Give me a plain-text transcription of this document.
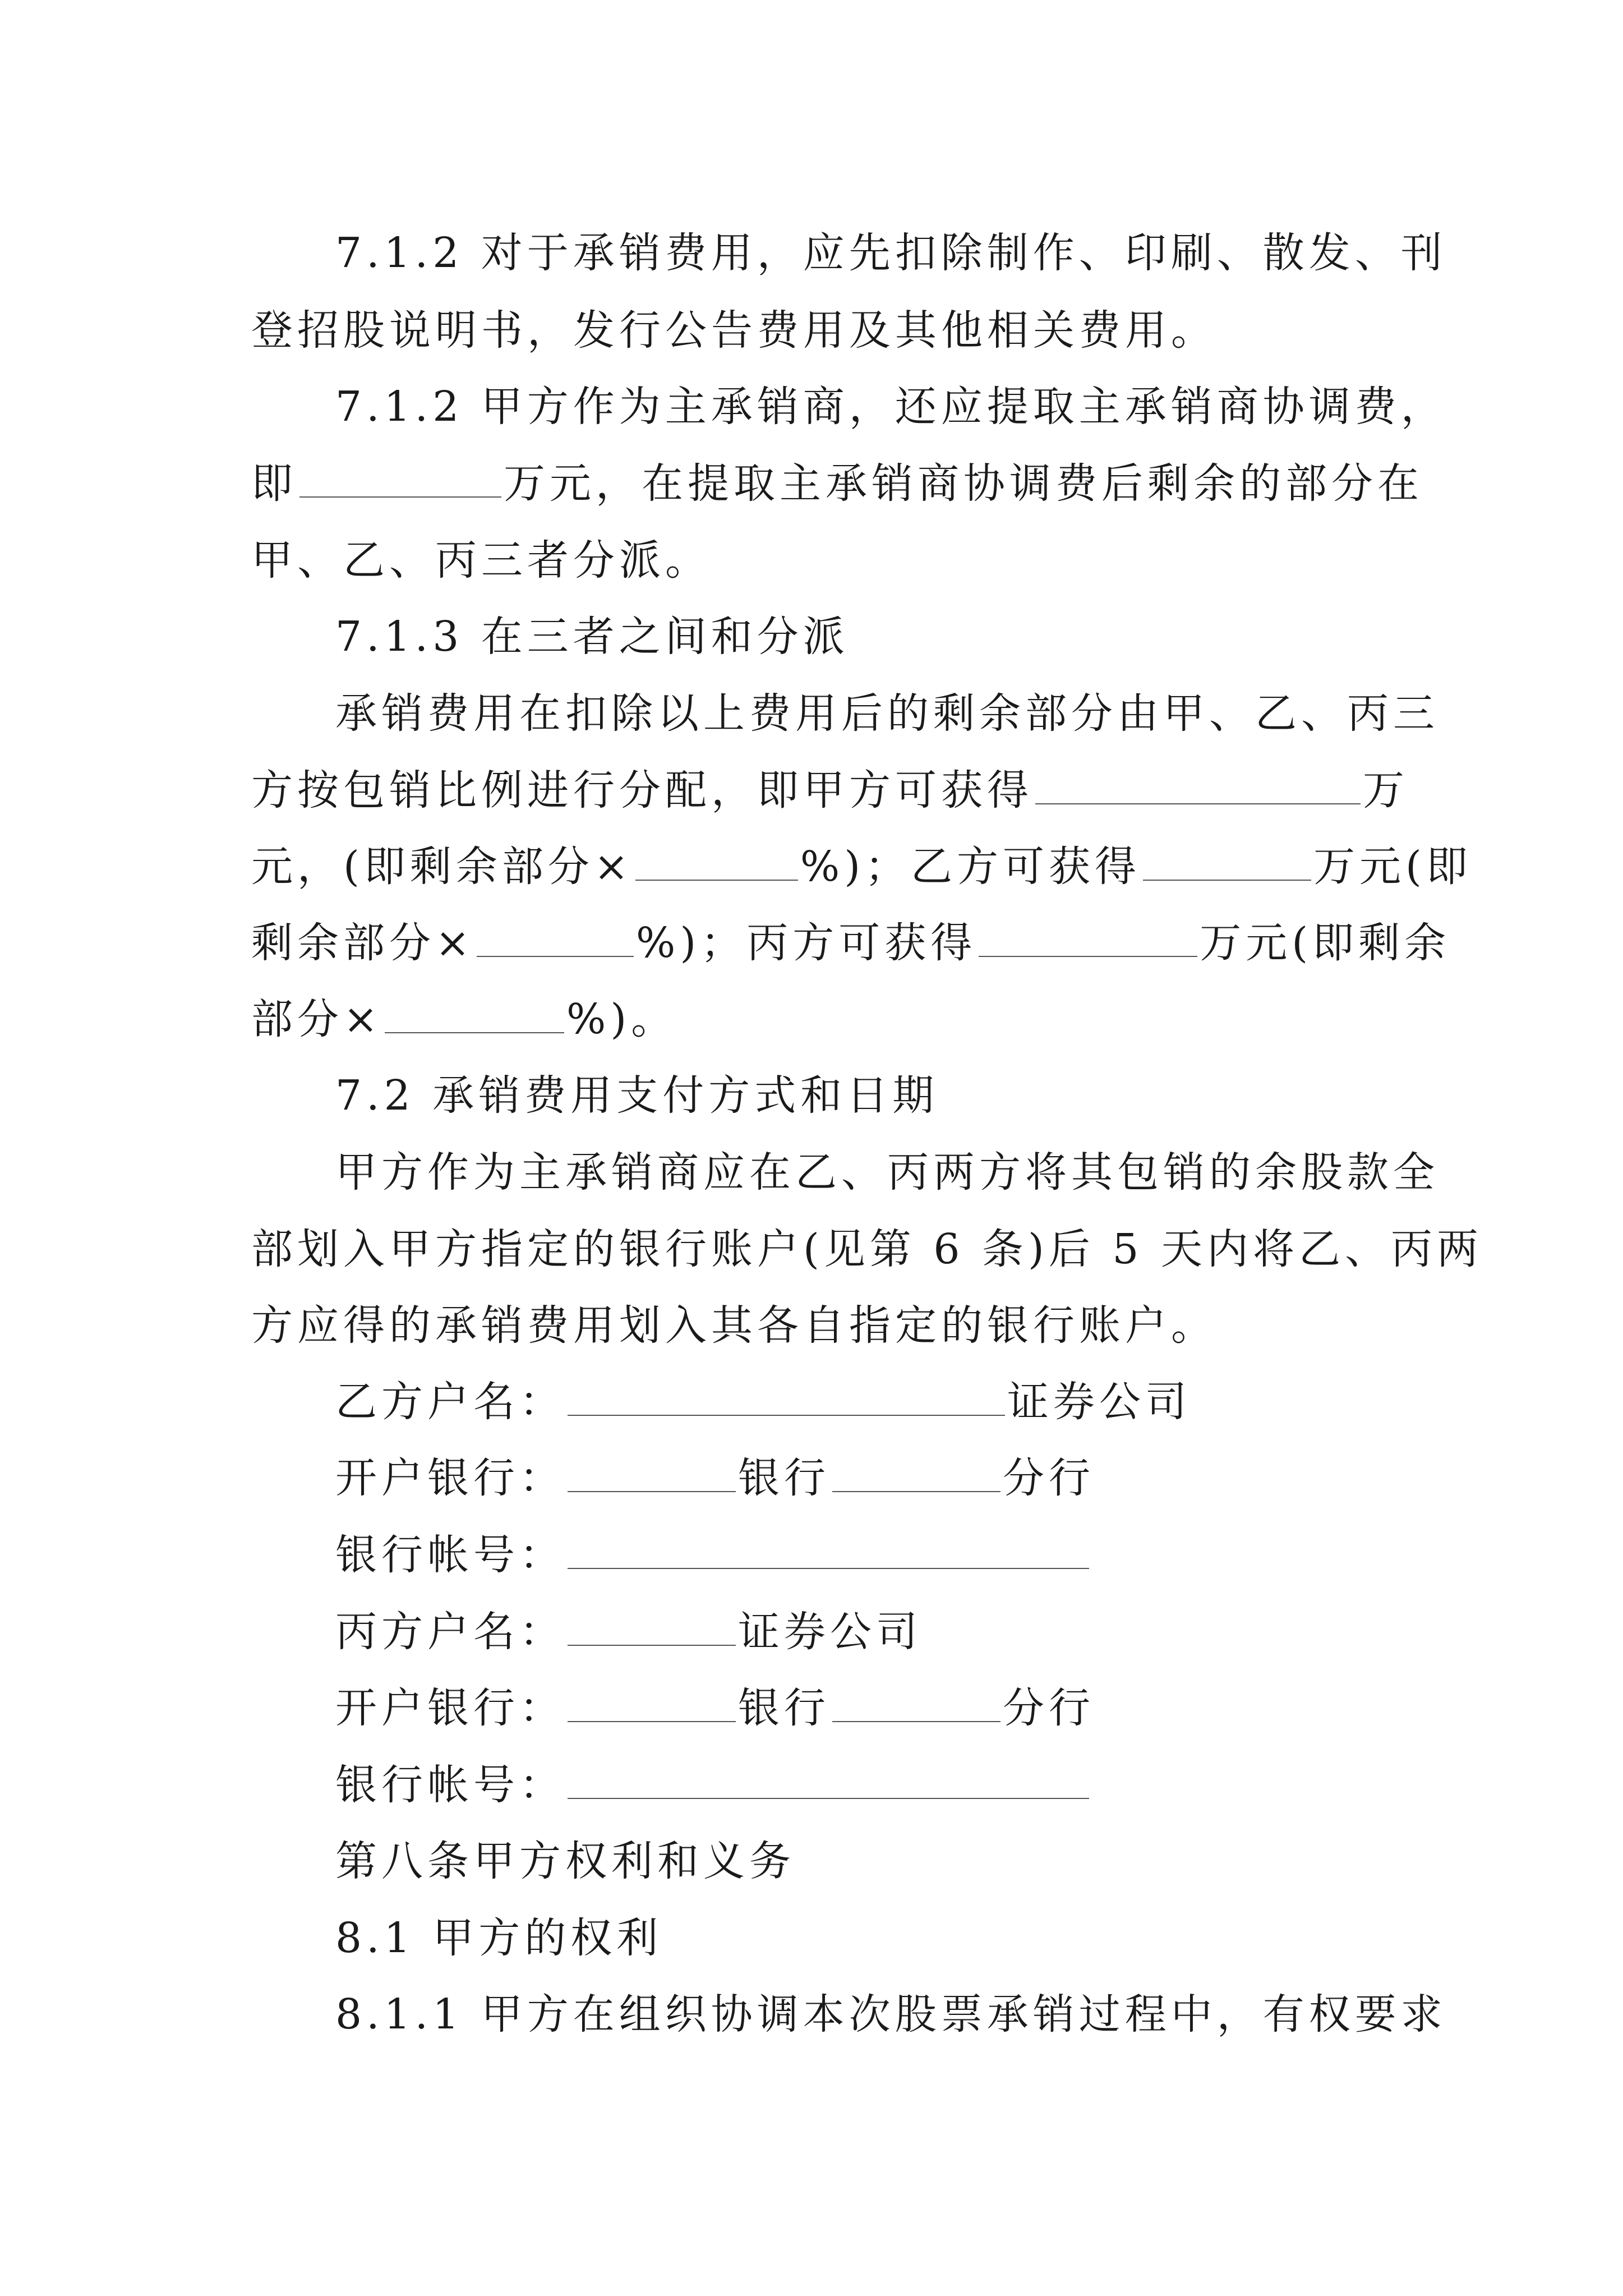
7.1.2 对于承销费用，应先扣除制作、印刷、散发、刊
登招股说明书，发行公告费用及其他相关费用。
7.1.2 甲方作为主承销商，还应提取主承销商协调费，
即	万元，在提取主承销商协调费后剩余的部分在
甲、乙、丙三者分派。
7.1.3 在三者之间和分派
承销费用在扣除以上费用后的剩余部分由甲、乙、丙三
方按包销比例进行分配，即甲方可获得	万
元，(即剩余部分×	%)；乙方可获得	万元(即
剩余部分×	%)；丙方可获得	万元(即剩余
部分×	%)。
7.2 承销费用支付方式和日期
甲方作为主承销商应在乙、丙两方将其包销的余股款全
部划入甲方指定的银行账户(见第 6 条)后 5 天内将乙、丙两
方应得的承销费用划入其各自指定的银行账户。
乙方户名：	证券公司
开户银行：	银行	分行
银行帐号：
丙方户名：	证券公司
开户银行：	银行	分行
银行帐号：
第八条甲方权利和义务
8.1 甲方的权利
8.1.1 甲方在组织协调本次股票承销过程中，有权要求
